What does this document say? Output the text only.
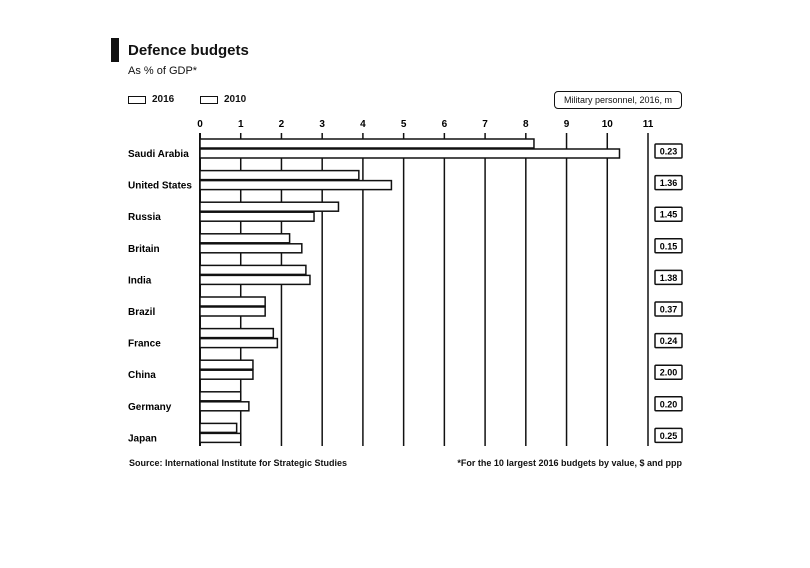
Defence budgets
As % of GDP*
2016	2010	Military personnel, 2016, m
0	1	2	3	4	5	6	7	8	9	10	11
Saudi Arabia	0.23
United States	1.36
Russia	1.45
Britain	0.15
India	1.38
Brazil	0.37
France	0.24
China	2.00
Germany	0.20
Japan	0.25
Source: International Institute for Strategic Studies	*For the 10 largest 2016 budgets by value, $ and ppp
